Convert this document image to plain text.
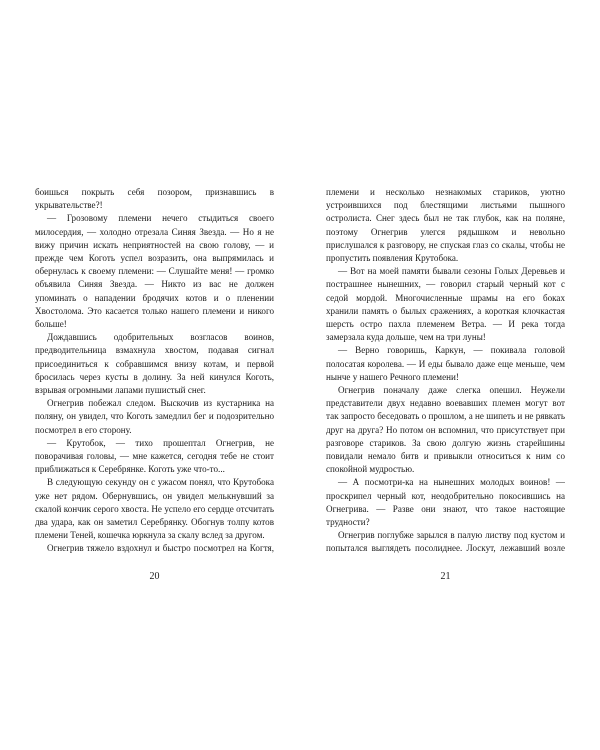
боишься покрыть себя позором, признавшись в укрывательстве?!

— Грозовому племени нечего стыдиться своего милосердия, — холодно отрезала Синяя Звезда. — Но я не вижу причин искать неприятностей на свою голову, — и прежде чем Коготь успел возразить, она выпрямилась и обернулась к своему племени: — Слушайте меня! — громко объявила Синяя Звезда. — Никто из вас не должен упоминать о нападении бродячих котов и о пленении Хвостолома. Это касается только нашего племени и никого больше!

Дождавшись одобрительных возгласов воинов, предводительница взмахнула хвостом, подавая сигнал присоединиться к собравшимся внизу котам, и первой бросилась через кусты в долину. За ней кинулся Коготь, взрывая огромными лапами пушистый снег.

Огнегрив побежал следом. Выскочив из кустарника на поляну, он увидел, что Коготь замедлил бег и подозрительно посмотрел в его сторону.

— Крутобок, — тихо прошептал Огнегрив, не поворачивая головы, — мне кажется, сегодня тебе не стоит приближаться к Серебрянке. Коготь уже что-то...

В следующую секунду он с ужасом понял, что Крутобока уже нет рядом. Обернувшись, он увидел мелькнувший за скалой кончик серого хвоста. Не успело его сердце отсчитать два удара, как он заметил Серебрянку. Обогнув толпу котов племени Теней, кошечка юркнула за скалу вслед за другом.

Огнегрив тяжело вздохнул и быстро посмотрел на Когтя,

20

племени и несколько незнакомых стариков, уютно устроившихся под блестящими листьями пышного остролиста. Снег здесь был не так глубок, как на поляне, поэтому Огнегрив улегся рядышком и невольно прислушался к разговору, не спуская глаз со скалы, чтобы не пропустить появления Крутобока.

— Вот на моей памяти бывали сезоны Голых Деревьев и пострашнее нынешних, — говорил старый черный кот с седой мордой. Многочисленные шрамы на его боках хранили память о былых сражениях, а короткая клочкастая шерсть остро пахла племенем Ветра. — И река тогда замерзала куда дольше, чем на три луны!

— Верно говоришь, Каркун, — покивала головой полосатая королева. — И еды бывало даже еще меньше, чем нынче у нашего Речного племени!

Огнегрив поначалу даже слегка опешил. Неужели представители двух недавно воевавших племен могут вот так запросто беседовать о прошлом, а не шипеть и не рявкать друг на друга? Но потом он вспомнил, что присутствует при разговоре стариков. За свою долгую жизнь старейшины повидали немало битв и привыкли относиться к ним со спокойной мудростью.

— А посмотри-ка на нынешних молодых воинов! — проскрипел черный кот, неодобрительно покосившись на Огнегрива. — Разве они знают, что такое настоящие трудности?

Огнегрив поглубже зарылся в палую листву под кустом и попытался выглядеть посолиднее. Лоскут, лежавший возле

21
